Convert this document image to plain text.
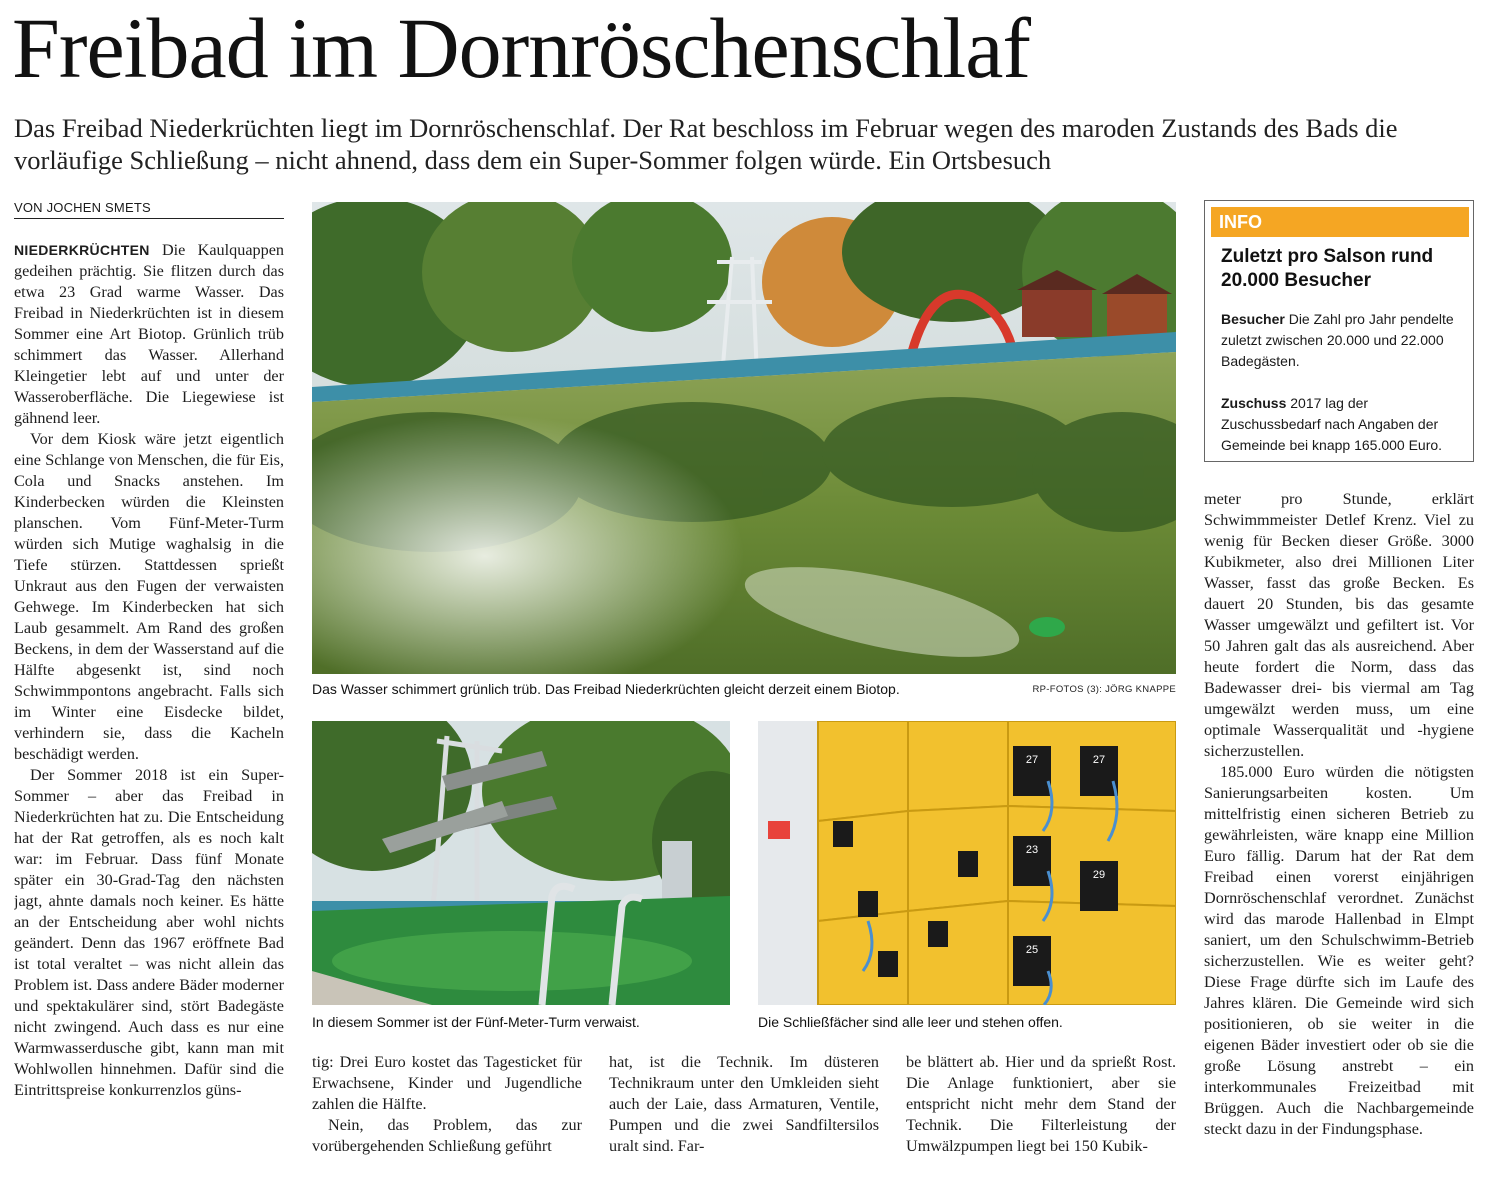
Freibad im Dornröschenschlaf
Das Freibad Niederkrüchten liegt im Dornröschenschlaf. Der Rat beschloss im Februar wegen des maroden Zustands des Bads die vorläufige Schließung – nicht ahnend, dass dem ein Super-Sommer folgen würde. Ein Ortsbesuch
VON JOCHEN SMETS

NIEDERKRÜCHTEN Die Kaulquappen gedeihen prächtig. Sie flitzen durch das etwa 23 Grad warme Wasser. Das Freibad in Niederkrüchten ist in diesem Sommer eine Art Biotop. Grünlich trüb schimmert das Wasser. Allerhand Kleingetier lebt auf und unter der Wasseroberfläche. Die Liegewiese ist gähnend leer.

Vor dem Kiosk wäre jetzt eigentlich eine Schlange von Menschen, die für Eis, Cola und Snacks anstehen. Im Kinderbecken würden die Kleinsten planschen. Vom Fünf-Meter-Turm würden sich Mutige waghalsig in die Tiefe stürzen. Stattdessen sprießt Unkraut aus den Fugen der verwaisten Gehwege. Im Kinderbecken hat sich Laub gesammelt. Am Rand des großen Beckens, in dem der Wasserstand auf die Hälfte abgesenkt ist, sind noch Schwimmpontons angebracht. Falls sich im Winter eine Eisdecke bildet, verhindern sie, dass die Kacheln beschädigt werden.

Der Sommer 2018 ist ein Super-Sommer – aber das Freibad in Niederkrüchten hat zu. Die Entscheidung hat der Rat getroffen, als es noch kalt war: im Februar. Dass fünf Monate später ein 30-Grad-Tag den nächsten jagt, ahnte damals noch keiner. Es hätte an der Entscheidung aber wohl nichts geändert. Denn das 1967 eröffnete Bad ist total veraltet – was nicht allein das Problem ist. Dass andere Bäder moderner und spektakulärer sind, stört Badegäste nicht zwingend. Auch dass es nur eine Warmwasserdusche gibt, kann man mit Wohlwollen hinnehmen. Dafür sind die Eintrittspreise konkurrenzlos güns-

Das Wasser schimmert grünlich trüb. Das Freibad Niederkrüchten gleicht derzeit einem Biotop.	RP-FOTOS (3): JÖRG KNAPPE
In diesem Sommer ist der Fünf-Meter-Turm verwaist.
27	27
23
29
25
Die Schließfächer sind alle leer und stehen offen.

tig: Drei Euro kostet das Tagesticket für Erwachsene, Kinder und Jugendliche zahlen die Hälfte.

Nein, das Problem, das zur vorübergehenden Schließung geführt

hat, ist die Technik. Im düsteren Technikraum unter den Umkleiden sieht auch der Laie, dass Armaturen, Ventile, Pumpen und die zwei Sandfiltersilos uralt sind. Far-

be blättert ab. Hier und da sprießt Rost. Die Anlage funktioniert, aber sie entspricht nicht mehr dem Stand der Technik. Die Filterleistung der Umwälzpumpen liegt bei 150 Kubik-

INFO
Zuletzt pro Salson rund 20.000 Besucher
Besucher Die Zahl pro Jahr pendelte zuletzt zwischen 20.000 und 22.000 Badegästen.
Zuschuss 2017 lag der Zuschussbedarf nach Angaben der Gemeinde bei knapp 165.000 Euro.

meter pro Stunde, erklärt Schwimmmeister Detlef Krenz. Viel zu wenig für Becken dieser Größe. 3000 Kubikmeter, also drei Millionen Liter Wasser, fasst das große Becken. Es dauert 20 Stunden, bis das gesamte Wasser umgewälzt und gefiltert ist. Vor 50 Jahren galt das als ausreichend. Aber heute fordert die Norm, dass das Badewasser drei- bis viermal am Tag umgewälzt werden muss, um eine optimale Wasserqualität und -hygiene sicherzustellen.

185.000 Euro würden die nötigsten Sanierungsarbeiten kosten. Um mittelfristig einen sicheren Betrieb zu gewährleisten, wäre knapp eine Million Euro fällig. Darum hat der Rat dem Freibad einen vorerst einjährigen Dornröschenschlaf verordnet. Zunächst wird das marode Hallenbad in Elmpt saniert, um den Schulschwimm-Betrieb sicherzustellen. Wie es weiter geht? Diese Frage dürfte sich im Laufe des Jahres klären. Die Gemeinde wird sich positionieren, ob sie weiter in die eigenen Bäder investiert oder ob sie die große Lösung anstrebt – ein interkommunales Freizeitbad mit Brüggen. Auch die Nachbargemeinde steckt dazu in der Findungsphase.
